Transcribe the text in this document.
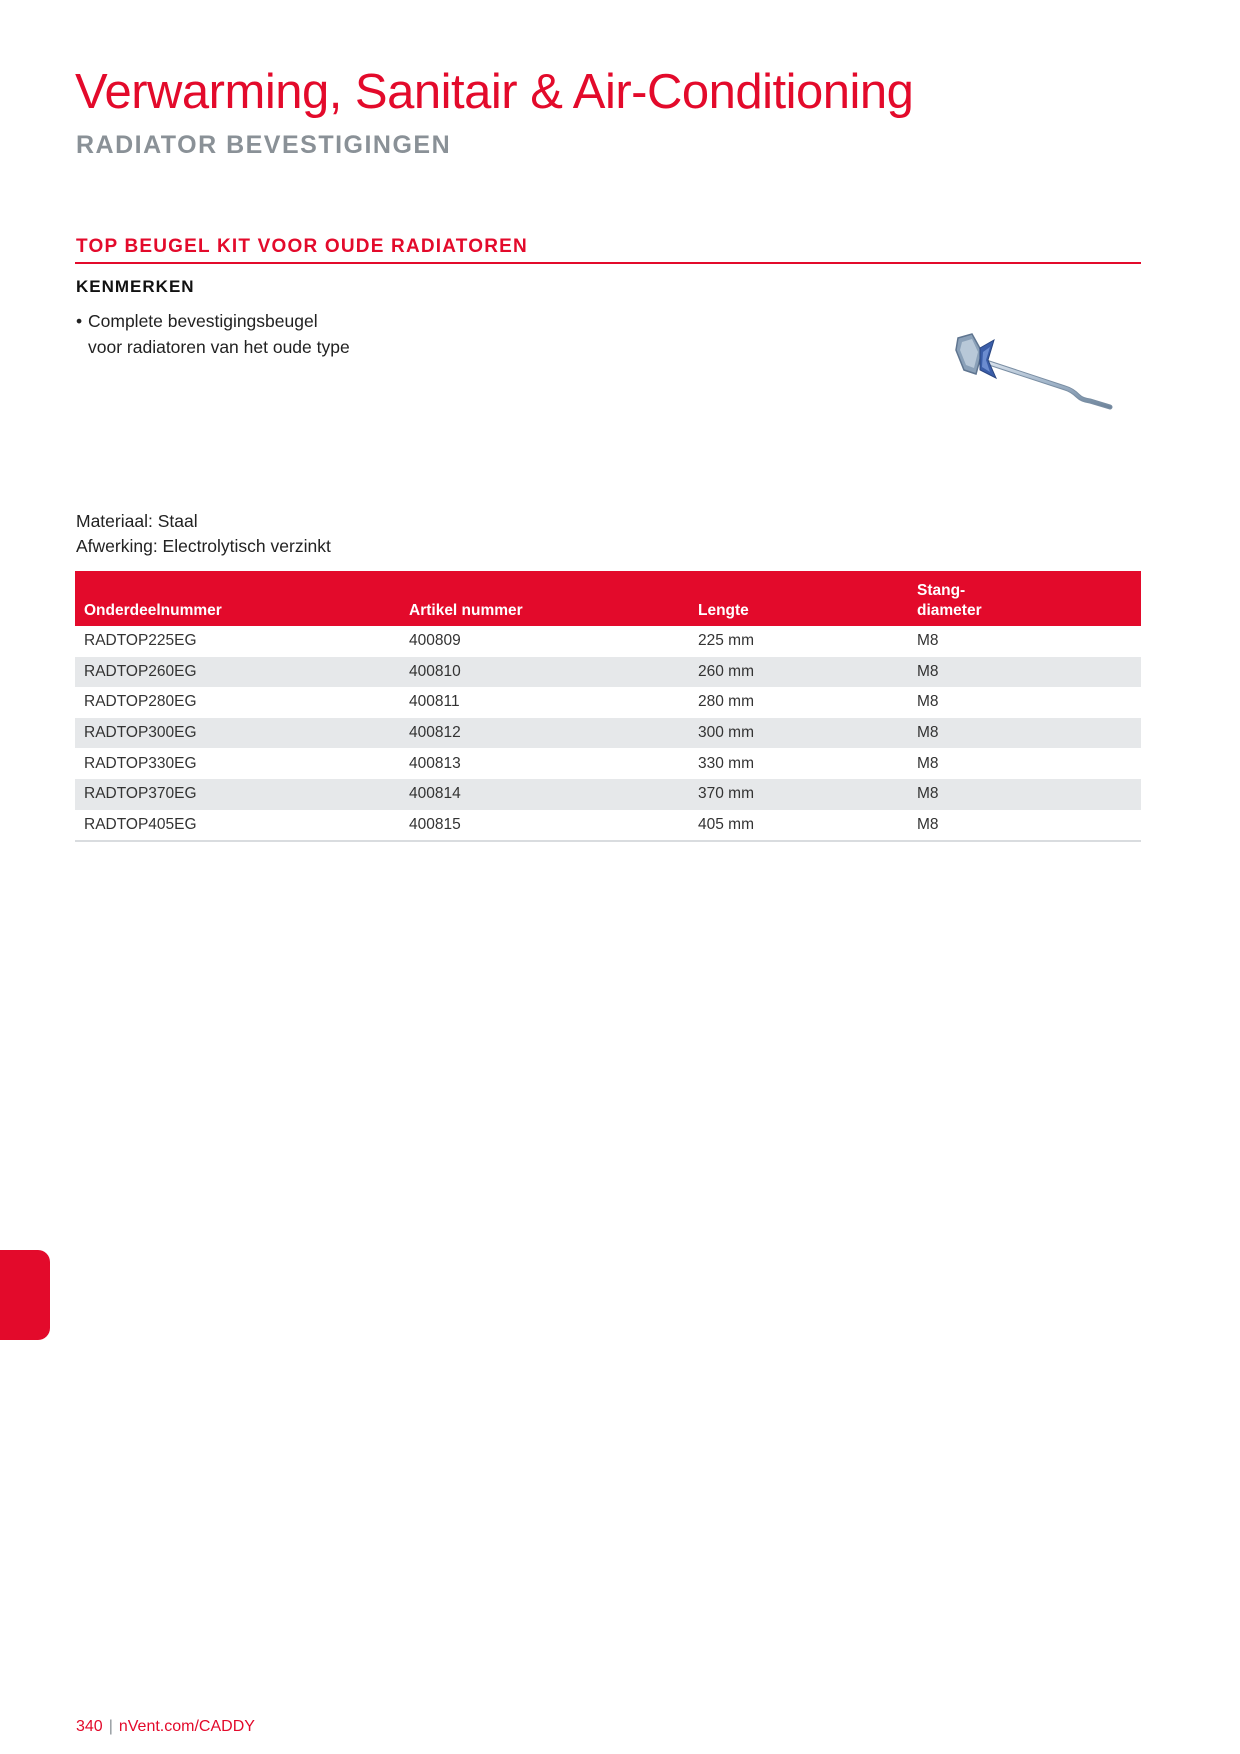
Verwarming, Sanitair & Air-Conditioning
RADIATOR BEVESTIGINGEN
TOP BEUGEL KIT VOOR OUDE RADIATOREN
KENMERKEN
• Complete bevestigingsbeugel
voor radiatoren van het oude type
Materiaal: Staal
Afwerking: Electrolytisch verzinkt
Onderdeelnummer	Artikel nummer	Lengte	Stang-
diameter
RADTOP225EG	400809	225 mm	M8
RADTOP260EG	400810	260 mm	M8
RADTOP280EG	400811	280 mm	M8
RADTOP300EG	400812	300 mm	M8
RADTOP330EG	400813	330 mm	M8
RADTOP370EG	400814	370 mm	M8
RADTOP405EG	400815	405 mm	M8
340 | nVent.com/CADDY
